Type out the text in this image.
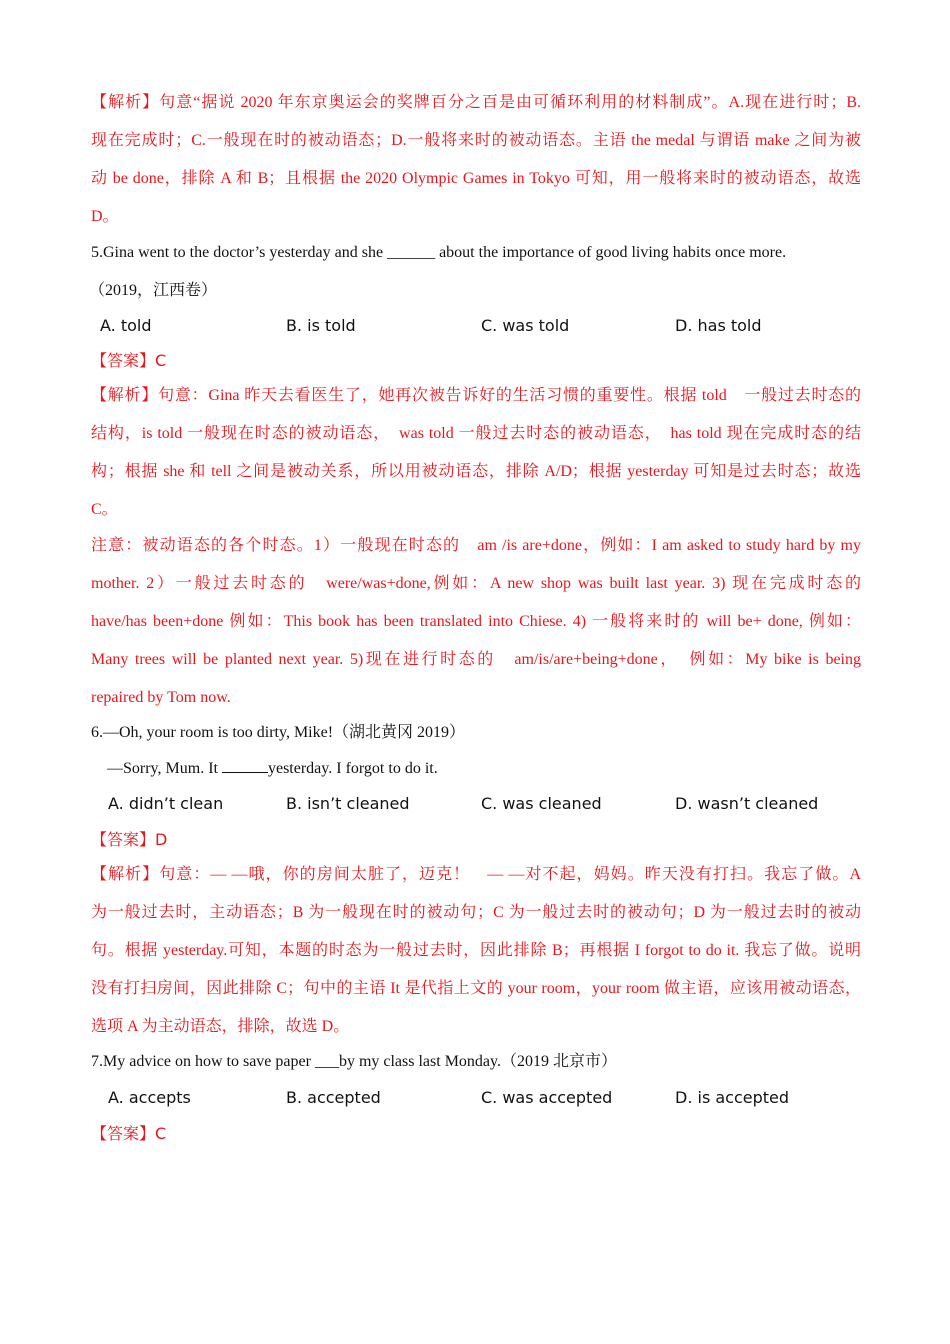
【解析】句意“据说 2020 年东京奥运会的奖牌百分之百是由可循环利用的材料制成”。A.现在进行时；B.
现在完成时；C.一般现在时的被动语态；D.一般将来时的被动语态。主语 the medal 与谓语 make 之间为被
动 be done，排除 A 和 B；且根据 the 2020 Olympic Games in Tokyo 可知，用一般将来时的被动语态，故选
D。
5.Gina went to the doctor’s yesterday and she ______ about the importance of good living habits once more.
（2019，江西卷）
A. told	B. is told	C. was told	D. has told
【答案】C
【解析】句意：Gina 昨天去看医生了，她再次被告诉好的生活习惯的重要性。根据 told　一般过去时态的
结构，is told 一般现在时态的被动语态，　was told 一般过去时态的被动语态，　has told 现在完成时态的结
构；根据 she 和 tell 之间是被动关系，所以用被动语态，排除 A/D；根据 yesterday 可知是过去时态；故选
C。
注意：被动语态的各个时态。1）一般现在时态的　am /is are+done，例如：I am asked to study hard by my
mother. 2）一般过去时态的　were/was+done,例如：A new shop was built last year. 3) 现在完成时态的
have/has been+done 例如：This book has been translated into Chiese. 4) 一般将来时的 will be+ done, 例如：
Many trees will be planted next year. 5)现在进行时态的　am/is/are+being+done，　例如：My bike is being
repaired by Tom now.
6.—Oh, your room is too dirty, Mike!（湖北黄冈 2019）
—Sorry, Mum. It	yesterday. I forgot to do it.
A. didn’t clean	B. isn’t cleaned	C. was cleaned	D. wasn’t cleaned
【答案】D
【解析】句意：— —哦，你的房间太脏了，迈克！　— —对不起，妈妈。昨天没有打扫。我忘了做。A
为一般过去时，主动语态；B 为一般现在时的被动句；C 为一般过去时的被动句；D 为一般过去时的被动
句。根据 yesterday.可知，本题的时态为一般过去时，因此排除 B；再根据 I forgot to do it. 我忘了做。说明
没有打扫房间，因此排除 C；句中的主语 It 是代指上文的 your room，your room 做主语，应该用被动语态，
选项 A 为主动语态，排除，故选 D。
7.My advice on how to save paper ___by my class last Monday.（2019 北京市）
A. accepts	B. accepted	C. was accepted	D. is accepted
【答案】C
